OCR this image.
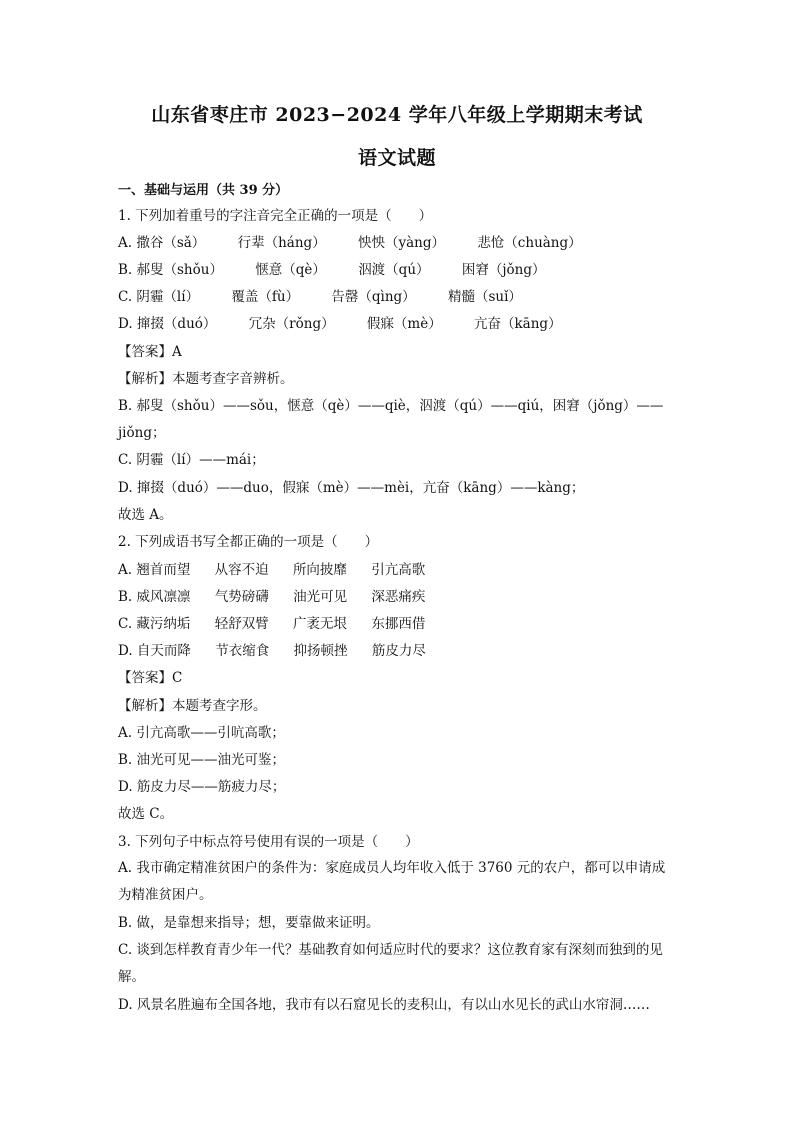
山东省枣庄市 2023−2024 学年八年级上学期期末考试
语文试题
一、基础与运用（共 39 分）
1. 下列加着重号的字注音完全正确的一项是（　　）
A. 撒谷（sǎ） 行辈（háng） 怏怏（yàng） 悲怆（chuàng）
B. 郝叟（shǒu） 惬意（qè） 泅渡（qú） 困窘（jǒng）
C. 阴霾（lí） 覆盖（fù） 告罄（qìng） 精髓（suǐ）
D. 撺掇（duó） 冗杂（rǒng） 假寐（mè） 亢奋（kāng）
【答案】A
【解析】本题考查字音辨析。
B. 郝叟（shǒu）——sǒu，惬意（qè）——qiè，泅渡（qú）——qiú，困窘（jǒng）——
jiǒng；
C. 阴霾（lí）——mái；
D. 撺掇（duó）——duo，假寐（mè）——mèi，亢奋（kāng）——kàng；
故选 A。
2. 下列成语书写全都正确的一项是（　　）
A. 翘首而望 从容不迫 所向披靡 引亢高歌
B. 威风凛凛 气势磅礴 油光可见 深恶痛疾
C. 藏污纳垢 轻舒双臂 广袤无垠 东挪西借
D. 自天而降 节衣缩食 抑扬顿挫 筋皮力尽
【答案】C
【解析】本题考查字形。
A. 引亢高歌——引吭高歌；
B. 油光可见——油光可鉴；
D. 筋皮力尽——筋疲力尽；
故选 C。
3. 下列句子中标点符号使用有误的一项是（　　）
A. 我市确定精准贫困户的条件为：家庭成员人均年收入低于 3760 元的农户，都可以申请成为精准贫困户。
B. 做，是靠想来指导；想，要靠做来证明。
C. 谈到怎样教育青少年一代？基础教育如何适应时代的要求？这位教育家有深刻而独到的见解。
D. 风景名胜遍布全国各地，我市有以石窟见长的麦积山，有以山水见长的武山水帘洞……
